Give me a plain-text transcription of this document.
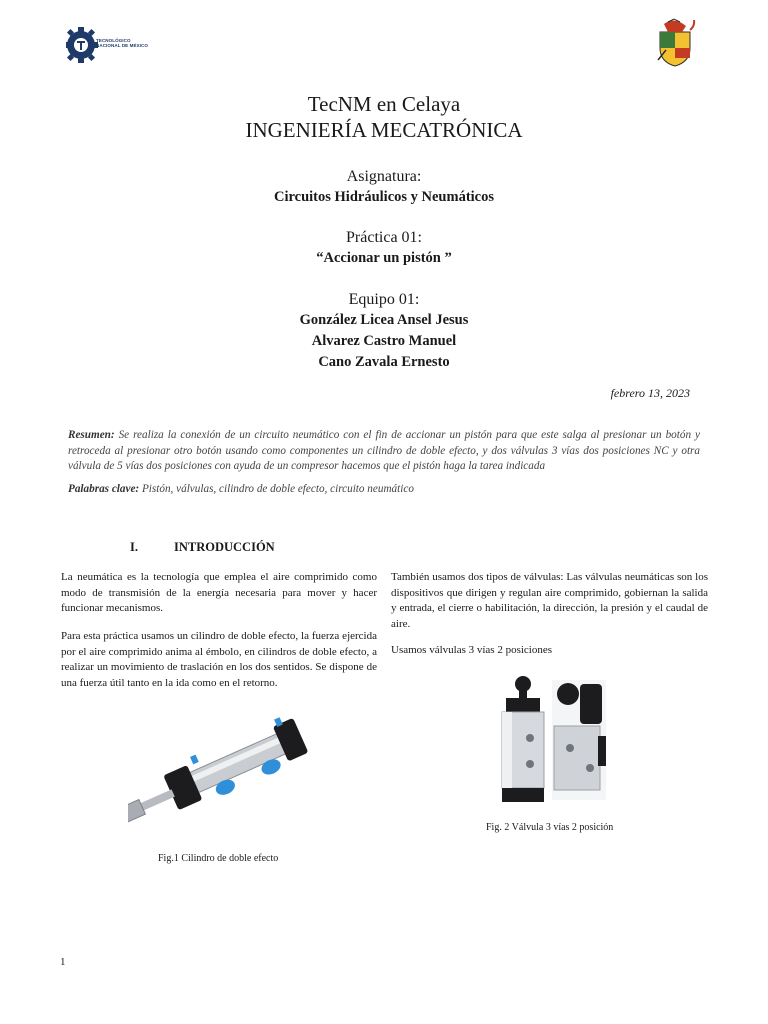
TECNOLÓGICO
NACIONAL DE MÉXICO
TecNM en Celaya
INGENIERÍA MECATRÓNICA
Asignatura:
Circuitos Hidráulicos y Neumáticos
Práctica 01:
“Accionar un pistón ”
Equipo 01:
González Licea Ansel Jesus
Alvarez Castro Manuel
Cano Zavala Ernesto
febrero 13, 2023
Resumen: Se realiza la conexión de un circuito neumático con el fin de accionar un pistón para que este salga al presionar un botón y retroceda al presionar otro botón usando como componentes un cilindro de doble efecto, y dos válvulas 3 vías dos posiciones NC y otra válvula de 5 vías dos posiciones con ayuda de un compresor hacemos que el pistón haga la tarea indicada
Palabras clave: Pistón, válvulas, cilindro de doble efecto, circuito neumático
I.	INTRODUCCIÓN
La neumática es la tecnología que emplea el aire comprimido como modo de transmisión de la energía necesaria para mover y hacer funcionar mecanismos.
Para esta práctica usamos un cilindro de doble efecto, la fuerza ejercida por el aire comprimido anima al émbolo, en cilindros de doble efecto, a realizar un movimiento de traslación en los dos sentidos. Se dispone de una fuerza útil tanto en la ida como en el retorno.
Fig.1 Cilindro de doble efecto
También usamos dos tipos de válvulas: Las válvulas neumáticas son los dispositivos que dirigen y regulan aire comprimido, gobiernan la salida y entrada, el cierre o habilitación, la dirección, la presión y el caudal de aire.
Usamos válvulas 3 vías 2 posiciones
Fig. 2 Válvula 3 vías 2 posición
1
